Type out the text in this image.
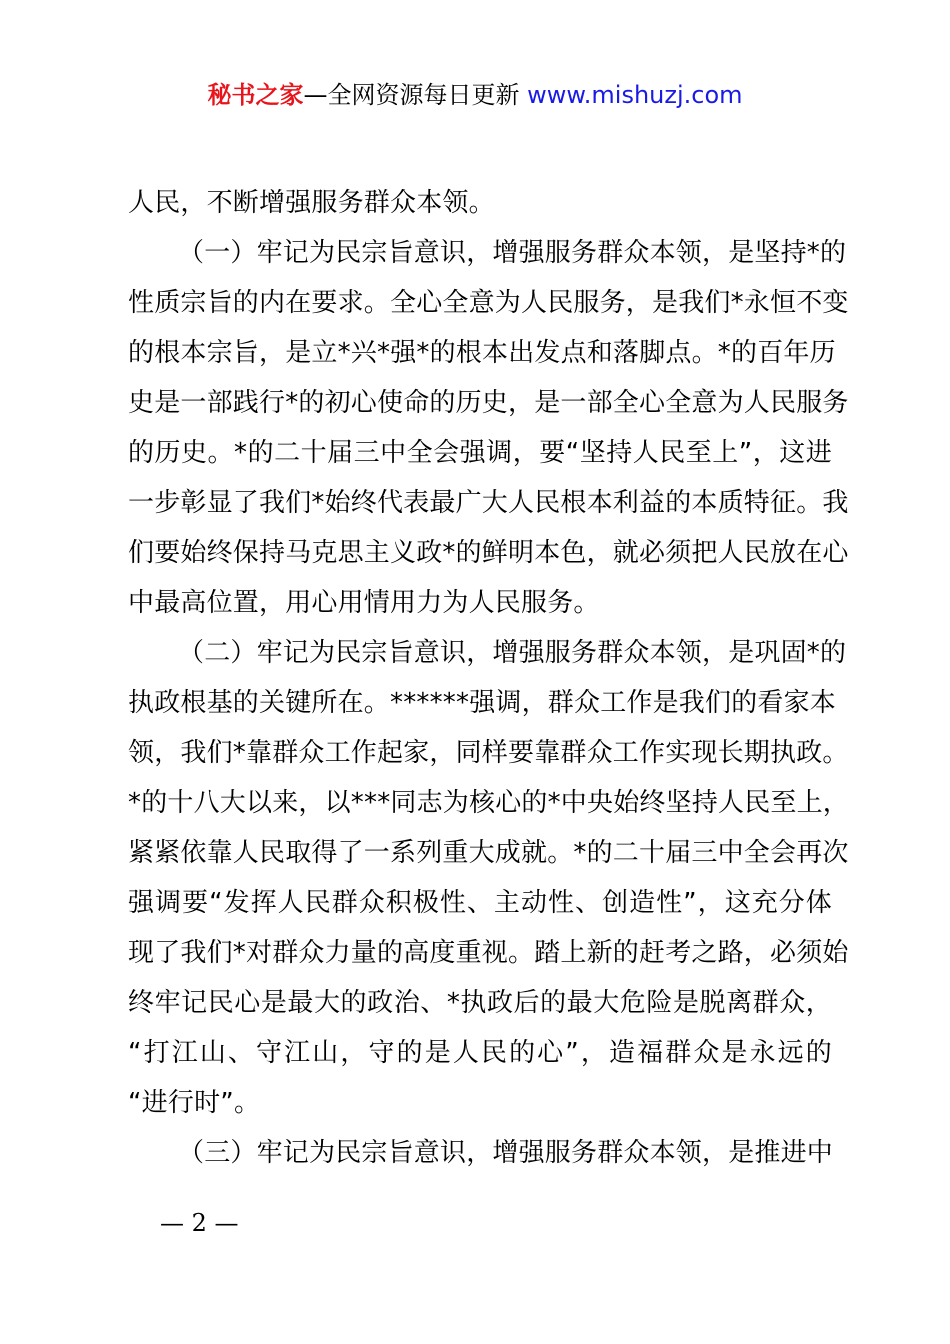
秘书之家—全网资源每日更新 www.mishuzj.com
人民，不断增强服务群众本领。
（一）牢记为民宗旨意识，增强服务群众本领，是坚持*的
性质宗旨的内在要求。全心全意为人民服务，是我们*永恒不变
的根本宗旨，是立*兴*强*的根本出发点和落脚点。*的百年历
史是一部践行*的初心使命的历史，是一部全心全意为人民服务
的历史。*的二十届三中全会强调，要“坚持人民至上”，这进
一步彰显了我们*始终代表最广大人民根本利益的本质特征。我
们要始终保持马克思主义政*的鲜明本色，就必须把人民放在心
中最高位置，用心用情用力为人民服务。
（二）牢记为民宗旨意识，增强服务群众本领，是巩固*的
执政根基的关键所在。******强调，群众工作是我们的看家本
领，我们*靠群众工作起家，同样要靠群众工作实现长期执政。
*的十八大以来，以***同志为核心的*中央始终坚持人民至上，
紧紧依靠人民取得了一系列重大成就。*的二十届三中全会再次
强调要“发挥人民群众积极性、主动性、创造性”，这充分体
现了我们*对群众力量的高度重视。踏上新的赶考之路，必须始
终牢记民心是最大的政治、*执政后的最大危险是脱离群众，
“打江山、守江山，守的是人民的心”，造福群众是永远的
“进行时”。
（三）牢记为民宗旨意识，增强服务群众本领，是推进中
— 2 —
